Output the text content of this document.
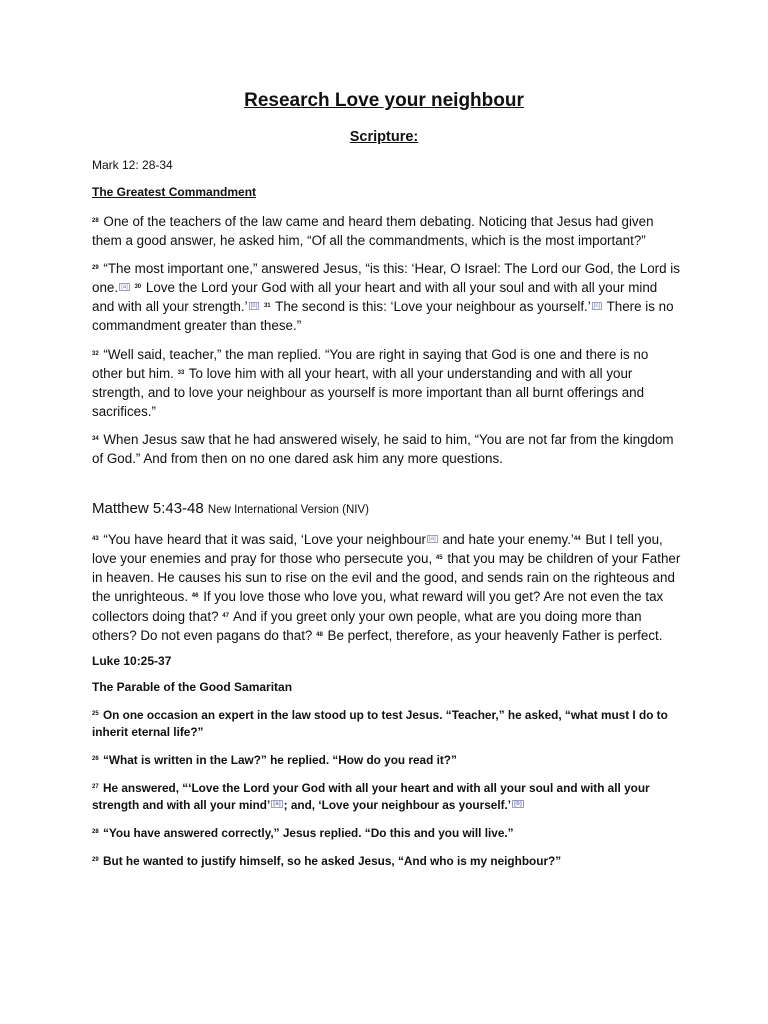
Research Love your neighbour
Scripture:

Mark 12: 28-34

The Greatest Commandment

$^{28}$ One of the teachers of the law came and heard them debating. Noticing that Jesus had given them a good answer, he asked him, “Of all the commandments, which is the most important?”

$^{29}$ “The most important one,” answered Jesus, “is this: ‘Hear, O Israel: The Lord our God, the Lord is one. [a] $^{30}$ Love the Lord your God with all your heart and with all your soul and with all your mind and with all your strength.’ [b] $^{31}$ The second is this: ‘Love your neighbour as yourself.’ [c] There is no commandment greater than these.”

$^{32}$ “Well said, teacher,” the man replied. “You are right in saying that God is one and there is no other but him. $^{33}$ To love him with all your heart, with all your understanding and with all your strength, and to love your neighbour as yourself is more important than all burnt offerings and sacrifices.”

$^{34}$ When Jesus saw that he had answered wisely, he said to him, “You are not far from the kingdom of God.” And from then on no one dared ask him any more questions.

Matthew 5:43-48 New International Version (NIV)

$^{43}$ “You have heard that it was said, ‘Love your neighbour [a] and hate your enemy.’$^{44}$ But I tell you, love your enemies and pray for those who persecute you, $^{45}$ that you may be children of your Father in heaven. He causes his sun to rise on the evil and the good, and sends rain on the righteous and the unrighteous. $^{46}$ If you love those who love you, what reward will you get? Are not even the tax collectors doing that? $^{47}$ And if you greet only your own people, what are you doing more than others? Do not even pagans do that? $^{48}$ Be perfect, therefore, as your heavenly Father is perfect.

Luke 10:25-37

The Parable of the Good Samaritan

$^{25}$ On one occasion an expert in the law stood up to test Jesus. “Teacher,” he asked, “what must I do to inherit eternal life?”

$^{26}$ “What is written in the Law?” he replied. “How do you read it?”

$^{27}$ He answered, “‘Love the Lord your God with all your heart and with all your soul and with all your strength and with all your mind’ [a] ; and, ‘Love your neighbour as yourself.’ [b]

$^{28}$ “You have answered correctly,” Jesus replied. “Do this and you will live.”

$^{29}$ But he wanted to justify himself, so he asked Jesus, “And who is my neighbour?”
